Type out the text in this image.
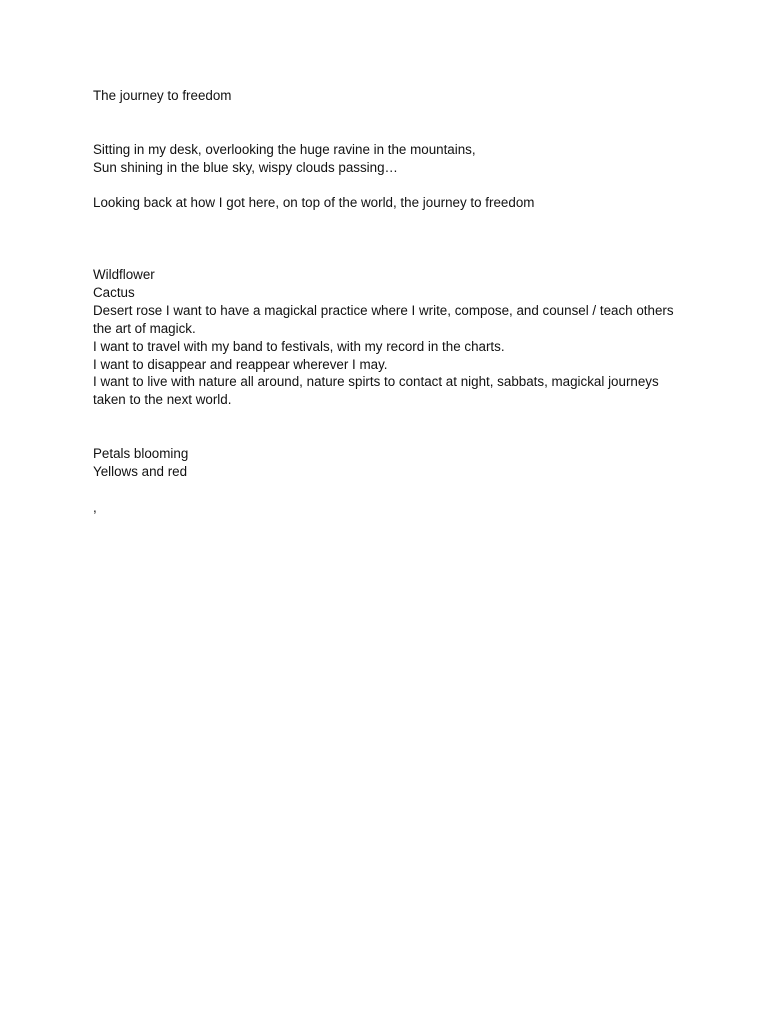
The journey to freedom
Sitting in my desk, overlooking the huge ravine in the mountains,
Sun shining in the blue sky, wispy clouds passing…
Looking back at how I got here, on top of the world, the journey to freedom
Wildflower
Cactus
Desert rose I want to have a magickal practice where I write, compose, and counsel / teach others the art of magick.
I want to travel with my band to festivals, with my record in the charts.
I want to disappear and reappear wherever I may.
I want to live with nature all around, nature spirts to contact at night, sabbats, magickal journeys taken to the next world.
Petals blooming
Yellows and red
,
